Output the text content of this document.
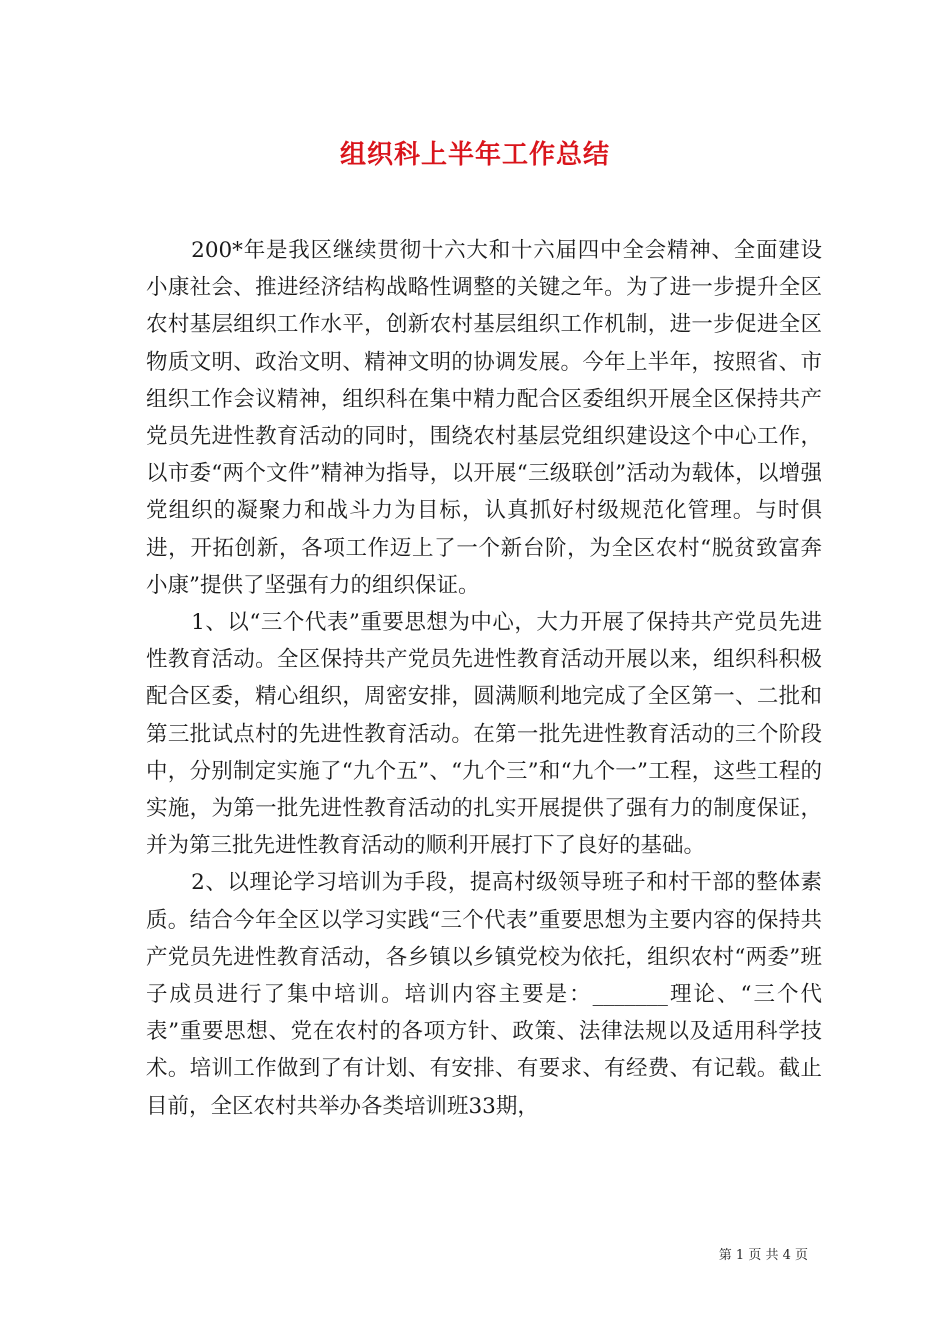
组织科上半年工作总结

200*年是我区继续贯彻十六大和十六届四中全会精神、全面建设小康社会、推进经济结构战略性调整的关键之年。为了进一步提升全区农村基层组织工作水平，创新农村基层组织工作机制，进一步促进全区物质文明、政治文明、精神文明的协调发展。今年上半年，按照省、市组织工作会议精神，组织科在集中精力配合区委组织开展全区保持共产党员先进性教育活动的同时，围绕农村基层党组织建设这个中心工作，以市委“两个文件”精神为指导，以开展“三级联创”活动为载体，以增强党组织的凝聚力和战斗力为目标，认真抓好村级规范化管理。与时俱进，开拓创新，各项工作迈上了一个新台阶，为全区农村“脱贫致富奔小康”提供了坚强有力的组织保证。

1、以“三个代表”重要思想为中心，大力开展了保持共产党员先进性教育活动。全区保持共产党员先进性教育活动开展以来，组织科积极配合区委，精心组织，周密安排，圆满顺利地完成了全区第一、二批和第三批试点村的先进性教育活动。在第一批先进性教育活动的三个阶段中，分别制定实施了“九个五”、“九个三”和“九个一”工程，这些工程的实施，为第一批先进性教育活动的扎实开展提供了强有力的制度保证，并为第三批先进性教育活动的顺利开展打下了良好的基础。

2、以理论学习培训为手段，提高村级领导班子和村干部的整体素质。结合今年全区以学习实践“三个代表”重要思想为主要内容的保持共产党员先进性教育活动，各乡镇以乡镇党校为依托，组织农村“两委”班子成员进行了集中培训。培训内容主要是：_______理论、“三个代表”重要思想、党在农村的各项方针、政策、法律法规以及适用科学技术。培训工作做到了有计划、有安排、有要求、有经费、有记载。截止目前，全区农村共举办各类培训班33期，

第 1 页 共 4 页
